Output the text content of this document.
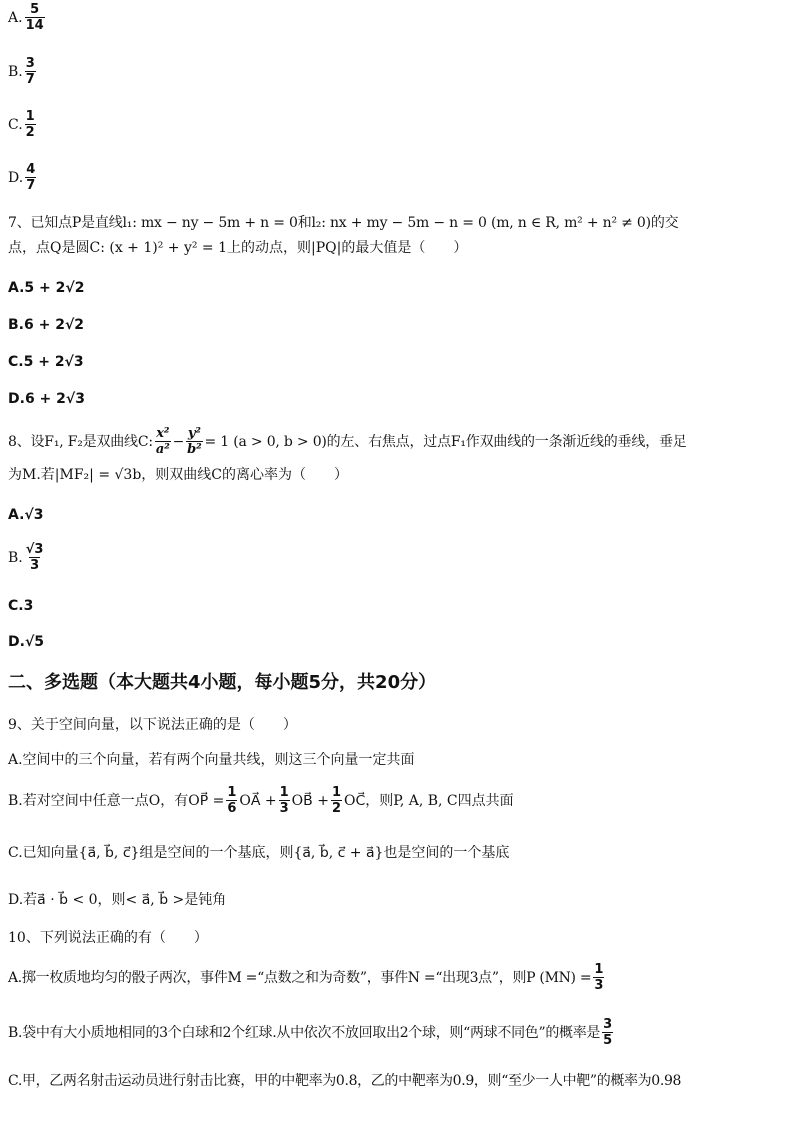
A. $\frac{5}{14}$
B. $\frac{3}{7}$
C. $\frac{1}{2}$
D. $\frac{4}{7}$
7、已知点P是直线l₁: mx − ny − 5m + n = 0和l₂: nx + my − 5m − n = 0 (m, n ∈ R, m² + n² ≠ 0)的交
点，点Q是圆C: (x + 1)² + y² = 1上的动点，则|PQ|的最大值是（　　）
A.5 + 2√2
B.6 + 2√2
C.5 + 2√3
D.6 + 2√3
8、设F₁, F₂是双曲线C: $\frac{\text{x²}}{\text{a²}} - \frac{\text{y²}}{\text{b²}} = 1$ (a > 0, b > 0)的左、右焦点，过点F₁作双曲线的一条渐近线的垂线，垂足
为M.若|MF₂| = √3b，则双曲线C的离心率为（　　）
A.√3
B. $\frac{√3}{3}$
C.3
D.√5
二、多选题（本大题共4小题，每小题5分，共20分）
9、关于空间向量，以下说法正确的是（　　）
A.空间中的三个向量，若有两个向量共线，则这三个向量一定共面
B.若对空间中任意一点O，有OP⃗ = $\frac{1}{6}$ OA⃗ + $\frac{1}{3}$ OB⃗ + $\frac{1}{2}$ OC⃗，则P, A, B, C四点共面
C.已知向量{a⃗, b⃗, c⃗}组是空间的一个基底，则{a⃗, b⃗, c⃗ + a⃗}也是空间的一个基底
D.若a⃗ · b⃗ < 0，则< a⃗, b⃗ >是钝角
10、下列说法正确的有（　　）
A.掷一枚质地均匀的骰子两次，事件M =“点数之和为奇数”，事件N =“出现3点”，则P $(MN) = \frac{1}{3}$
B.袋中有大小质地相同的3个白球和2个红球.从中依次不放回取出2个球，则“两球不同色”的概率是 $\frac{3}{5}$
C.甲，乙两名射击运动员进行射击比赛，甲的中靶率为0.8，乙的中靶率为0.9，则“至少一人中靶”的概率为0.98
